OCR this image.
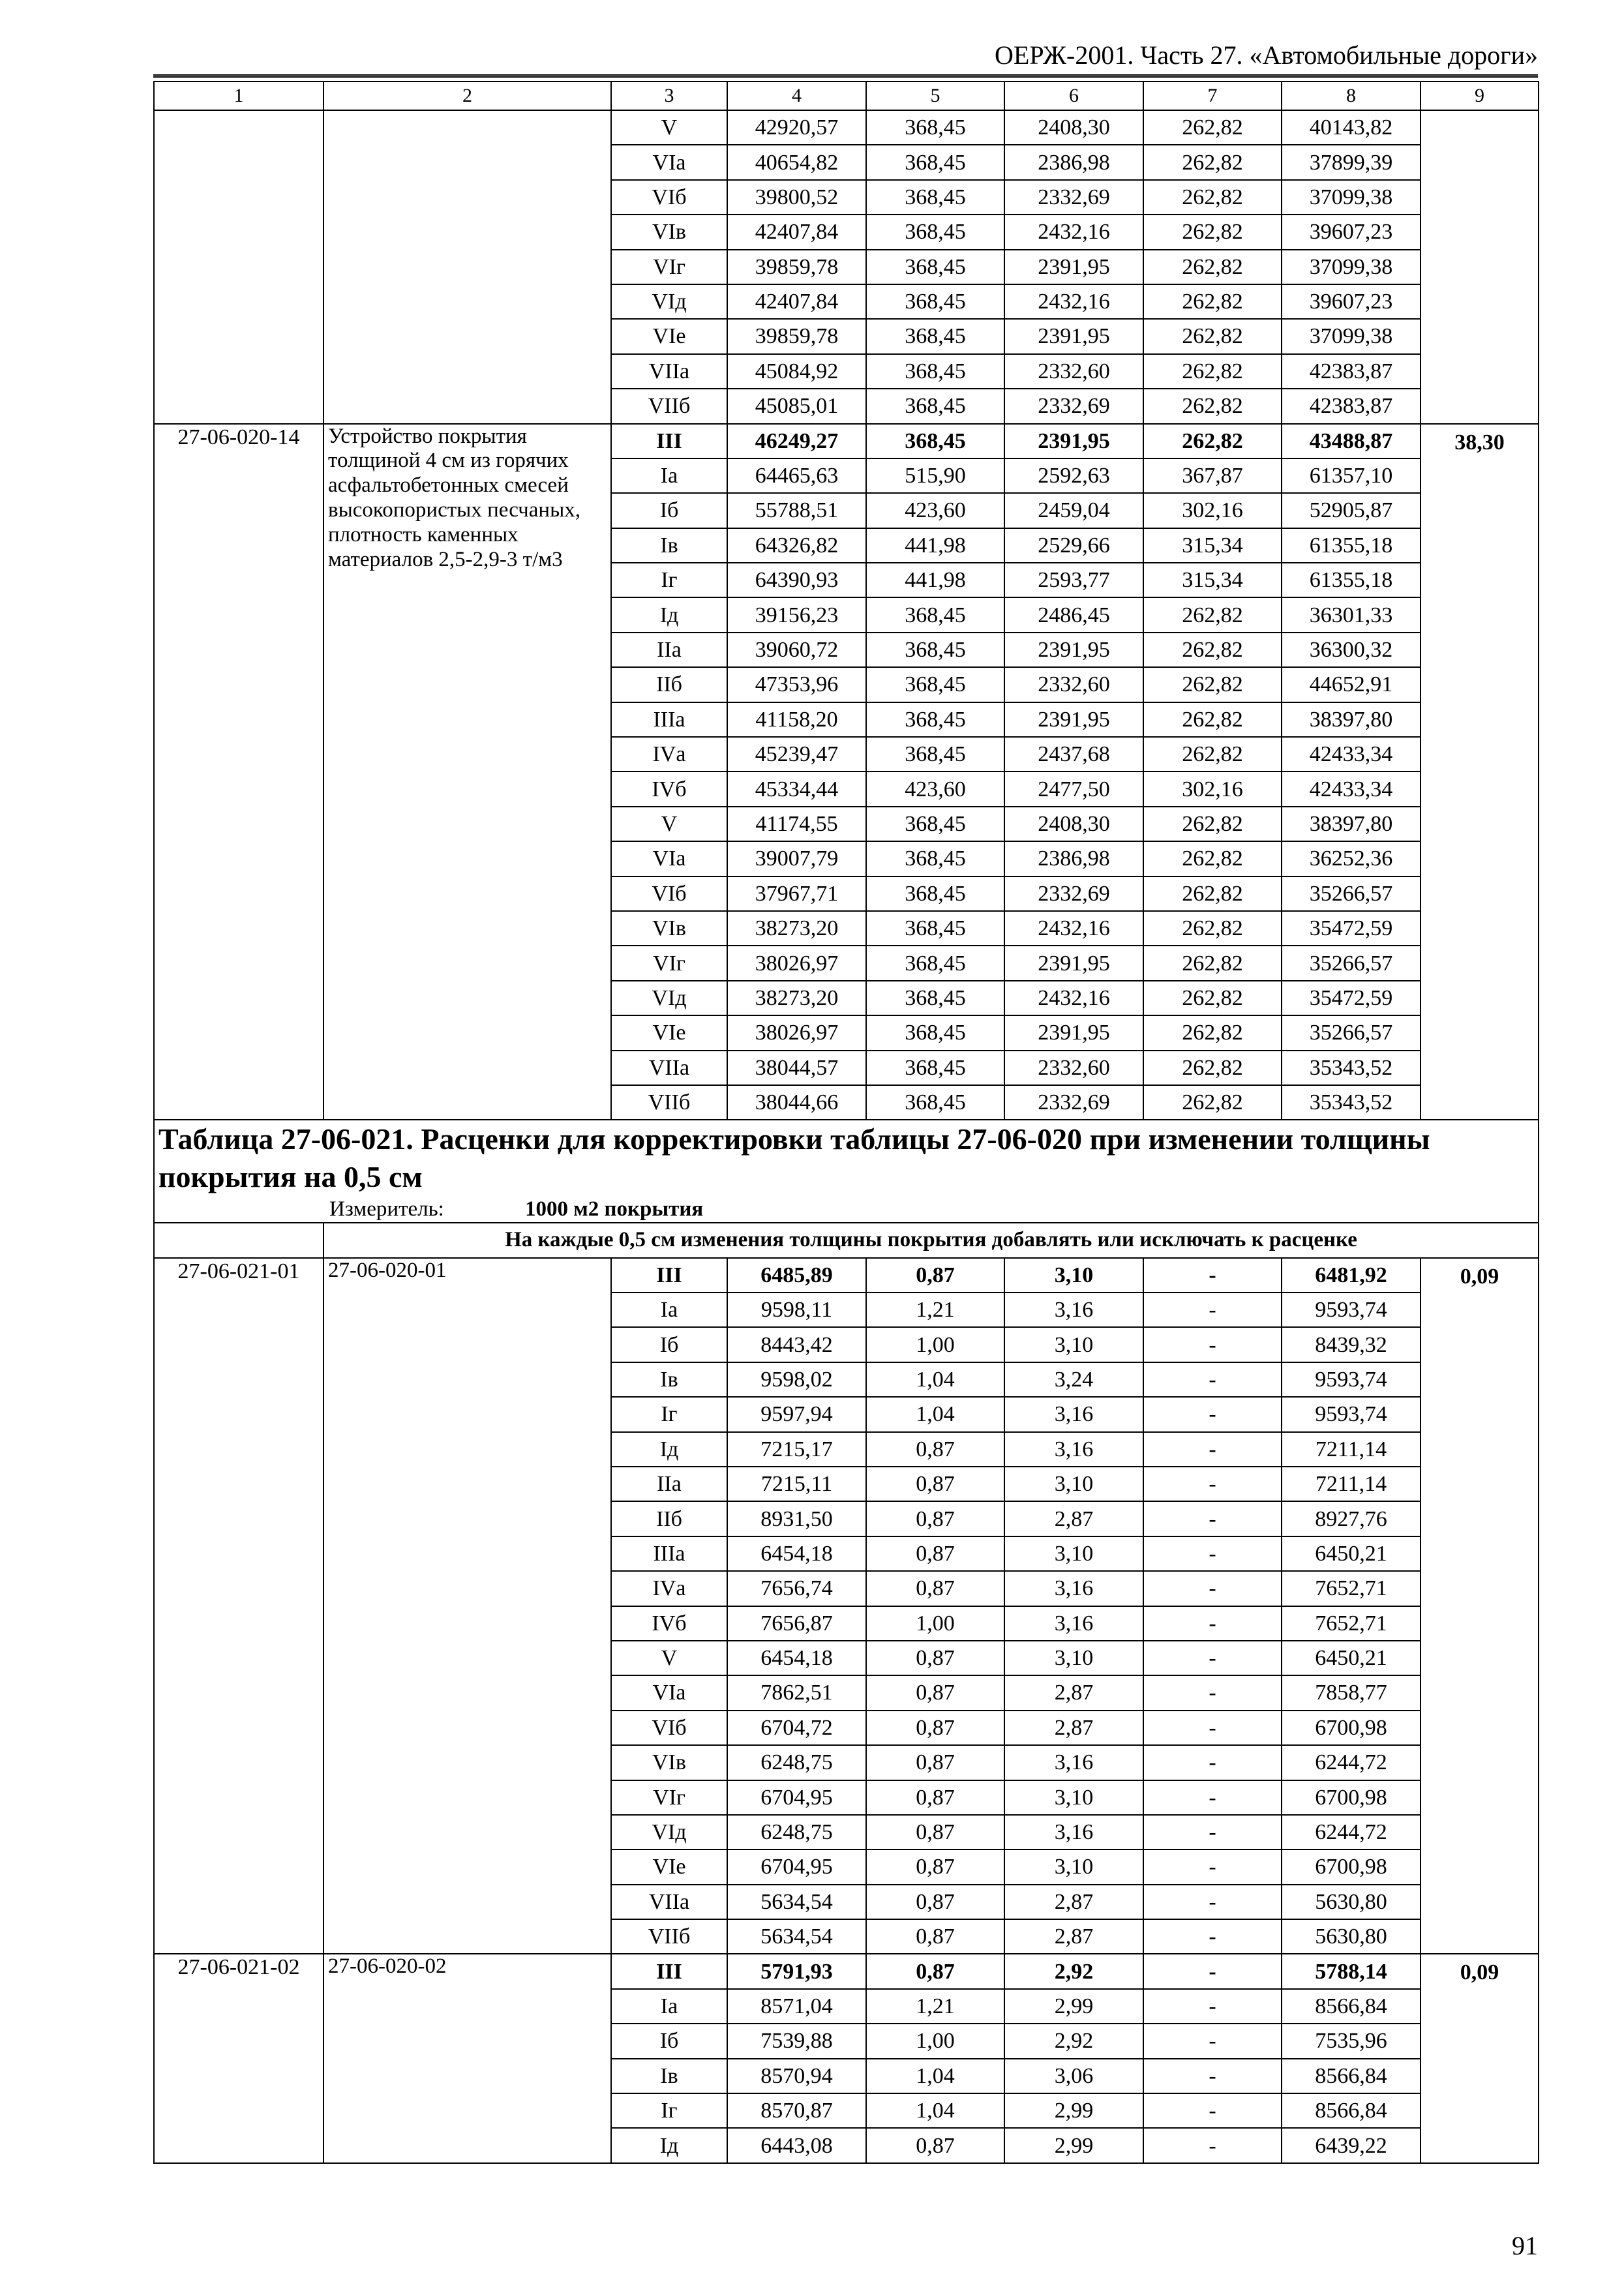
ОЕРЖ-2001. Часть 27. «Автомобильные дороги»
1	2	3	4	5	6	7	8	9
		V	42920,57	368,45	2408,30	262,82	40143,82	
		VIа	40654,82	368,45	2386,98	262,82	37899,39	
		VIб	39800,52	368,45	2332,69	262,82	37099,38	
		VIв	42407,84	368,45	2432,16	262,82	39607,23	
		VIг	39859,78	368,45	2391,95	262,82	37099,38	
		VIд	42407,84	368,45	2432,16	262,82	39607,23	
		VIе	39859,78	368,45	2391,95	262,82	37099,38	
		VIIа	45084,92	368,45	2332,60	262,82	42383,87	
		VIIб	45085,01	368,45	2332,69	262,82	42383,87	
27-06-020-14	Устройство покрытия толщиной 4 см из горячих асфальтобетонных смесей высокопористых песчаных, плотность каменных материалов 2,5-2,9-3 т/м3	III	46249,27	368,45	2391,95	262,82	43488,87	38,30
		Iа	64465,63	515,90	2592,63	367,87	61357,10	
		Iб	55788,51	423,60	2459,04	302,16	52905,87	
		Iв	64326,82	441,98	2529,66	315,34	61355,18	
		Iг	64390,93	441,98	2593,77	315,34	61355,18	
		Iд	39156,23	368,45	2486,45	262,82	36301,33	
		IIа	39060,72	368,45	2391,95	262,82	36300,32	
		IIб	47353,96	368,45	2332,60	262,82	44652,91	
		IIIа	41158,20	368,45	2391,95	262,82	38397,80	
		IVа	45239,47	368,45	2437,68	262,82	42433,34	
		IVб	45334,44	423,60	2477,50	302,16	42433,34	
		V	41174,55	368,45	2408,30	262,82	38397,80	
		VIа	39007,79	368,45	2386,98	262,82	36252,36	
		VIб	37967,71	368,45	2332,69	262,82	35266,57	
		VIв	38273,20	368,45	2432,16	262,82	35472,59	
		VIг	38026,97	368,45	2391,95	262,82	35266,57	
		VIд	38273,20	368,45	2432,16	262,82	35472,59	
		VIе	38026,97	368,45	2391,95	262,82	35266,57	
		VIIа	38044,57	368,45	2332,60	262,82	35343,52	
		VIIб	38044,66	368,45	2332,69	262,82	35343,52	

Таблица 27-06-021. Расценки для корректировки таблицы 27-06-020 при изменении толщины покрытия на 0,5 см
Измеритель: 1000 м2 покрытия								

	На каждые 0,5 см изменения толщины покрытия добавлять или исключать к расценке							
27-06-021-01	27-06-020-01	III	6485,89	0,87	3,10	-	6481,92	0,09
		Iа	9598,11	1,21	3,16	-	9593,74	
		Iб	8443,42	1,00	3,10	-	8439,32	
		Iв	9598,02	1,04	3,24	-	9593,74	
		Iг	9597,94	1,04	3,16	-	9593,74	
		Iд	7215,17	0,87	3,16	-	7211,14	
		IIа	7215,11	0,87	3,10	-	7211,14	
		IIб	8931,50	0,87	2,87	-	8927,76	
		IIIа	6454,18	0,87	3,10	-	6450,21	
		IVа	7656,74	0,87	3,16	-	7652,71	
		IVб	7656,87	1,00	3,16	-	7652,71	
		V	6454,18	0,87	3,10	-	6450,21	
		VIа	7862,51	0,87	2,87	-	7858,77	
		VIб	6704,72	0,87	2,87	-	6700,98	
		VIв	6248,75	0,87	3,16	-	6244,72	
		VIг	6704,95	0,87	3,10	-	6700,98	
		VIд	6248,75	0,87	3,16	-	6244,72	
		VIе	6704,95	0,87	3,10	-	6700,98	
		VIIа	5634,54	0,87	2,87	-	5630,80	
		VIIб	5634,54	0,87	2,87	-	5630,80	
27-06-021-02	27-06-020-02	III	5791,93	0,87	2,92	-	5788,14	0,09
		Iа	8571,04	1,21	2,99	-	8566,84	
		Iб	7539,88	1,00	2,92	-	7535,96	
		Iв	8570,94	1,04	3,06	-	8566,84	
		Iг	8570,87	1,04	2,99	-	8566,84	
		Iд	6443,08	0,87	2,99	-	6439,22	
91
